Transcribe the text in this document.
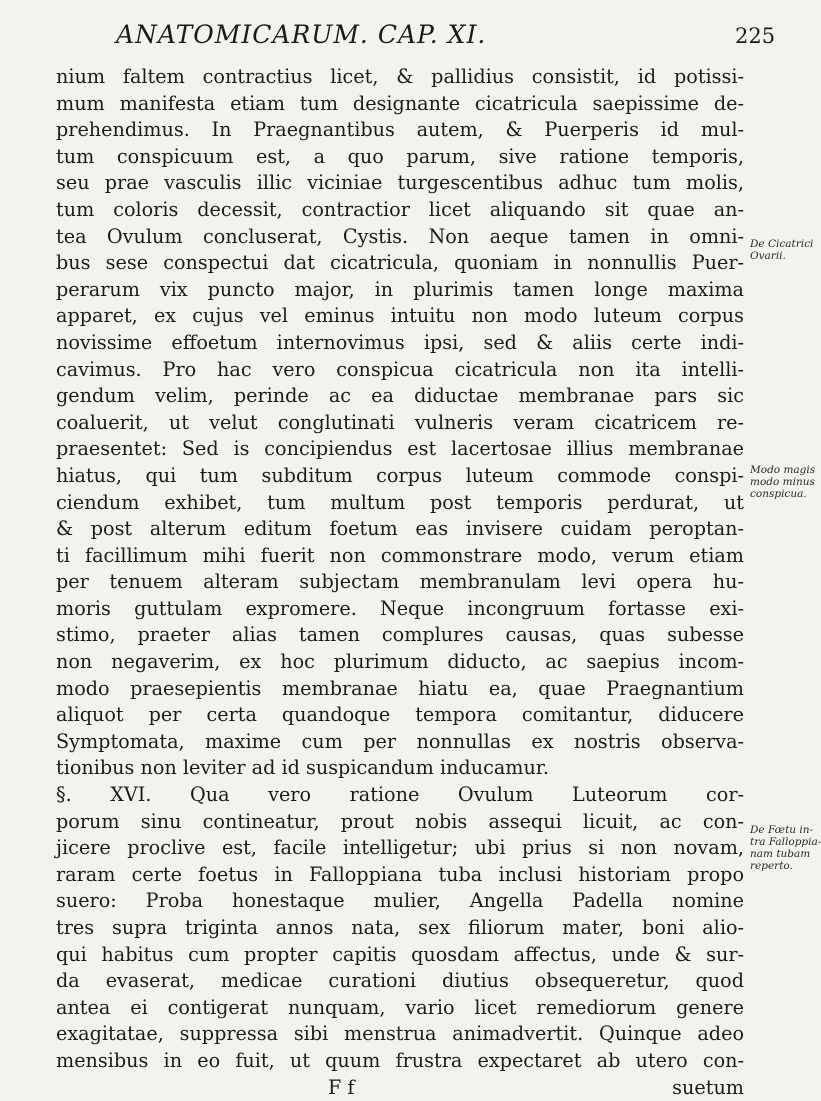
ANATOMICARUM. CAP. XI.	225
nium faltem contractius licet, & pallidius consistit, id potissi-
mum manifesta etiam tum designante cicatricula saepissime de-
prehendimus. In Praegnantibus autem, & Puerperis id mul-
tum conspicuum est, a quo parum, sive ratione temporis,
seu prae vasculis illic viciniae turgescentibus adhuc tum molis,
tum coloris decessit, contractior licet aliquando sit quae an-
tea Ovulum concluserat, Cystis. Non aeque tamen in omni-
bus sese conspectui dat cicatricula, quoniam in nonnullis Puer-
perarum vix puncto major, in plurimis tamen longe maxima
apparet, ex cujus vel eminus intuitu non modo luteum corpus
novissime effoetum internovimus ipsi, sed & aliis certe indi-
cavimus. Pro hac vero conspicua cicatricula non ita intelli-
gendum velim, perinde ac ea diductae membranae pars sic
coaluerit, ut velut conglutinati vulneris veram cicatricem re-
praesentet: Sed is concipiendus est lacertosae illius membranae
hiatus, qui tum subditum corpus luteum commode conspi-
ciendum exhibet, tum multum post temporis perdurat, ut
& post alterum editum foetum eas invisere cuidam peroptan-
ti facillimum mihi fuerit non commonstrare modo, verum etiam
per tenuem alteram subjectam membranulam levi opera hu-
moris guttulam expromere. Neque incongruum fortasse exi-
stimo, praeter alias tamen complures causas, quas subesse
non negaverim, ex hoc plurimum diducto, ac saepius incom-
modo praesepientis membranae hiatu ea, quae Praegnantium
aliquot per certa quandoque tempora comitantur, diducere
Symptomata, maxime cum per nonnullas ex nostris observa-
tionibus non leviter ad id suspicandum inducamur.
§. XVI. Qua vero ratione Ovulum Luteorum cor-
porum sinu contineatur, prout nobis assequi licuit, ac con-
jicere proclive est, facile intelligetur; ubi prius si non novam,
raram certe foetus in Falloppiana tuba inclusi historiam propo
suero: Proba honestaque mulier, Angella Padella nomine
tres supra triginta annos nata, sex filiorum mater, boni alio-
qui habitus cum propter capitis quosdam affectus, unde & sur-
da evaserat, medicae curationi diutius obsequeretur, quod
antea ei contigerat nunquam, vario licet remediorum genere
exagitatae, suppressa sibi menstrua animadvertit. Quinque adeo
mensibus in eo fuit, ut quum frustra expectaret ab utero con-
F f	suetum
De Cicatrici
Ovarii.
Modo magis
modo minus
conspicua.
De Fœtu in-
tra Falloppia-
nam tubam
reperto.
